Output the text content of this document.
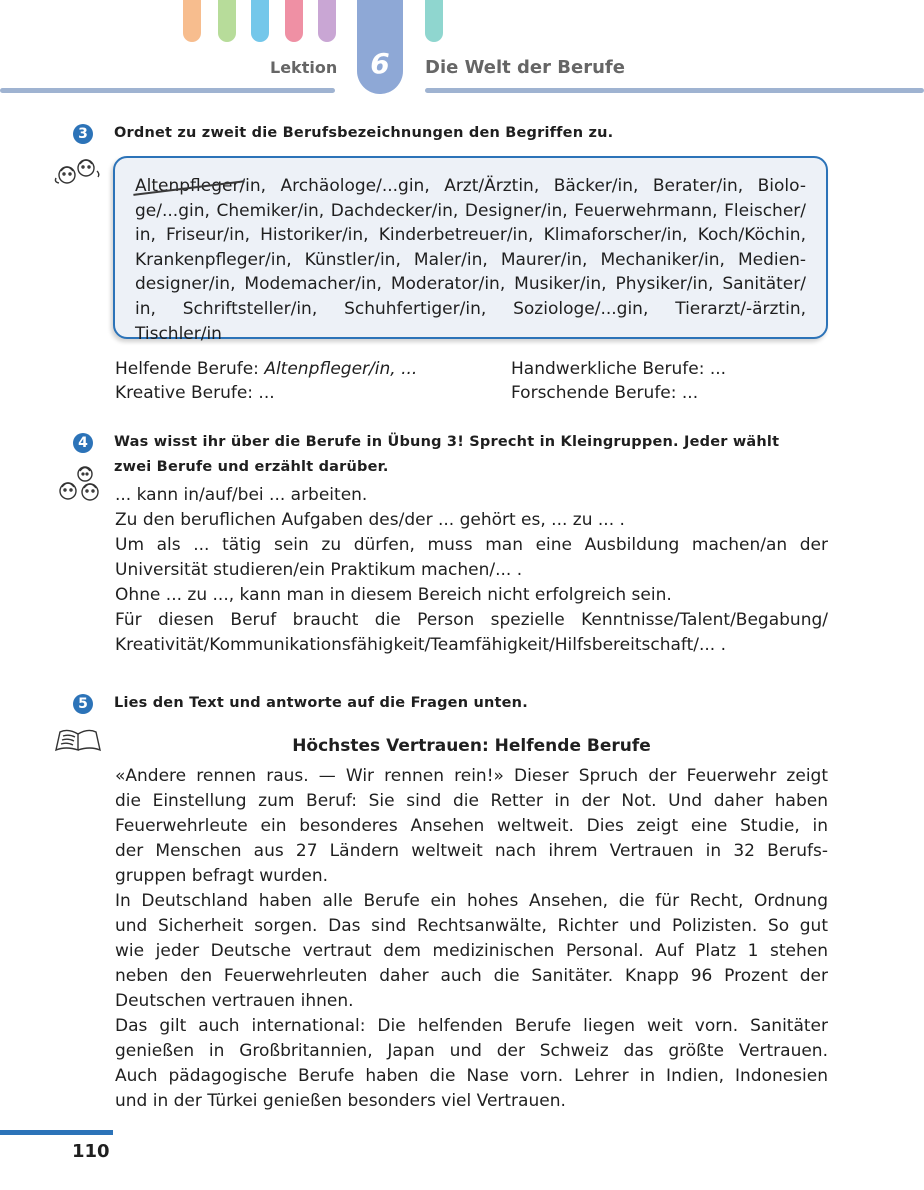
Lektion	6	Die Welt der Berufe
3	Ordnet zu zweit die Berufsbezeichnungen den Begriffen zu.
Altenpfleger/in, Archäologe/...gin, Arzt/Ärztin, Bäcker/in, Berater/in, Biolo-
ge/...gin, Chemiker/in, Dachdecker/in, Designer/in, Feuerwehrmann, Fleischer/
in, Friseur/in, Historiker/in, Kinderbetreuer/in, Klimaforscher/in, Koch/Köchin,
Krankenpfleger/in, Künstler/in, Maler/in, Maurer/in, Mechaniker/in, Medien-
designer/in, Modemacher/in, Moderator/in, Musiker/in, Physiker/in, Sanitäter/
in, Schriftsteller/in, Schuhfertiger/in, Soziologe/...gin, Tierarzt/-ärztin, Tischler/in
Helfende Berufe: Altenpfleger/in, ...
Kreative Berufe: ...
Handwerkliche Berufe: ...
Forschende Berufe: ...
4	Was wisst ihr über die Berufe in Übung 3! Sprecht in Kleingruppen. Jeder wählt
zwei Berufe und erzählt darüber.
... kann in/auf/bei ... arbeiten.
Zu den beruflichen Aufgaben des/der ... gehört es, ... zu ... .
Um als ... tätig sein zu dürfen, muss man eine Ausbildung machen/an der
Universität studieren/ein Praktikum machen/... .
Ohne ... zu ..., kann man in diesem Bereich nicht erfolgreich sein.
Für diesen Beruf braucht die Person spezielle Kenntnisse/Talent/Begabung/
Kreativität/Kommunikationsfähigkeit/Teamfähigkeit/Hilfsbereitschaft/... .
5	Lies den Text und antworte auf die Fragen unten.
Höchstes Vertrauen: Helfende Berufe
«Andere rennen raus. — Wir rennen rein!» Dieser Spruch der Feuerwehr zeigt
die Einstellung zum Beruf: Sie sind die Retter in der Not. Und daher haben
Feuerwehrleute ein besonderes Ansehen weltweit. Dies zeigt eine Studie, in
der Menschen aus 27 Ländern weltweit nach ihrem Vertrauen in 32 Berufs-
gruppen befragt wurden.
In Deutschland haben alle Berufe ein hohes Ansehen, die für Recht, Ordnung
und Sicherheit sorgen. Das sind Rechtsanwälte, Richter und Polizisten. So gut
wie jeder Deutsche vertraut dem medizinischen Personal. Auf Platz 1 stehen
neben den Feuerwehrleuten daher auch die Sanitäter. Knapp 96 Prozent der
Deutschen vertrauen ihnen.
Das gilt auch international: Die helfenden Berufe liegen weit vorn. Sanitäter
genießen in Großbritannien, Japan und der Schweiz das größte Vertrauen.
Auch pädagogische Berufe haben die Nase vorn. Lehrer in Indien, Indonesien
und in der Türkei genießen besonders viel Vertrauen.
110
